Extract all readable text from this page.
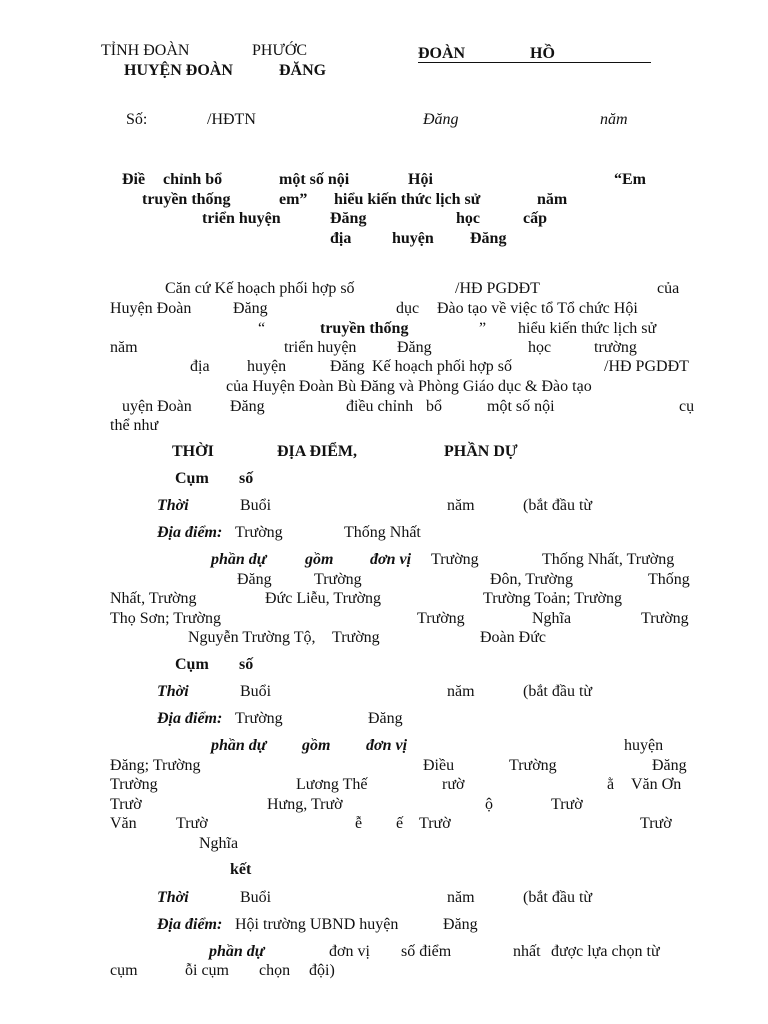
TỈNH ĐOÀN	PHƯỚC
HUYỆN ĐOÀN	ĐĂNG
ĐOÀN	HỒ
Số:	/HĐTN	Đăng	năm
Điề chỉnh bổ	một số nội	Hội	“Em
truyền thống	em” hiểu kiến thức lịch sử	năm
triển huyện	Đăng	học	cấp
địa	huyện Đăng
Căn cứ Kế hoạch phối hợp số	/HĐ PGDĐT	của
Huyện Đoàn	Đăng	dục Đào tạo về việc tổ Tổ chức Hội
“	truyền thống	” hiểu kiến thức lịch sử
năm	triển huyện	Đăng	học	trường
địa huyện	Đăng Kế hoạch phối hợp số	/HĐ PGDĐT
của Huyện Đoàn Bù Đăng và Phòng Giáo dục & Đào tạo
uyện Đoàn Đăng	điều chỉnh bổ	một số nội	cụ
thể như
THỜI	ĐỊA ĐIỂM,	PHẦN DỰ
Cụm số
Thời	Buổi	năm	(bắt đầu từ
Địa điểm: Trường	Thống Nhất
phần dự gồm đơn vị Trường	Thống Nhất, Trường
Đăng	Trường	Đôn, Trường	Thống
Nhất, Trường	Đức Liễu, Trường	Trường Toản; Trường
Thọ Sơn; Trường	Trường	Nghĩa	Trường
Nguyễn Trường Tộ, Trường	Đoàn Đức
Cụm số
Thời	Buổi	năm	(bắt đầu từ
Địa điểm: Trường	Đăng
phần dự gồm đơn vị	huyện
Đăng; Trường	Điều	Trường	Đăng
Trường	Lương Thế	rườ	ằ Văn Ơn
Trườ	Hưng, Trườ	ộ	Trườ
Văn Trườ	ễ ế Trườ	Trườ
Nghĩa
kết
Thời	Buổi	năm	(bắt đầu từ
Địa điểm: Hội trường UBND huyện	Đăng
phần dự	đơn vị số điểm	nhất được lựa chọn từ
cụm	ỗi cụm chọn đội)
